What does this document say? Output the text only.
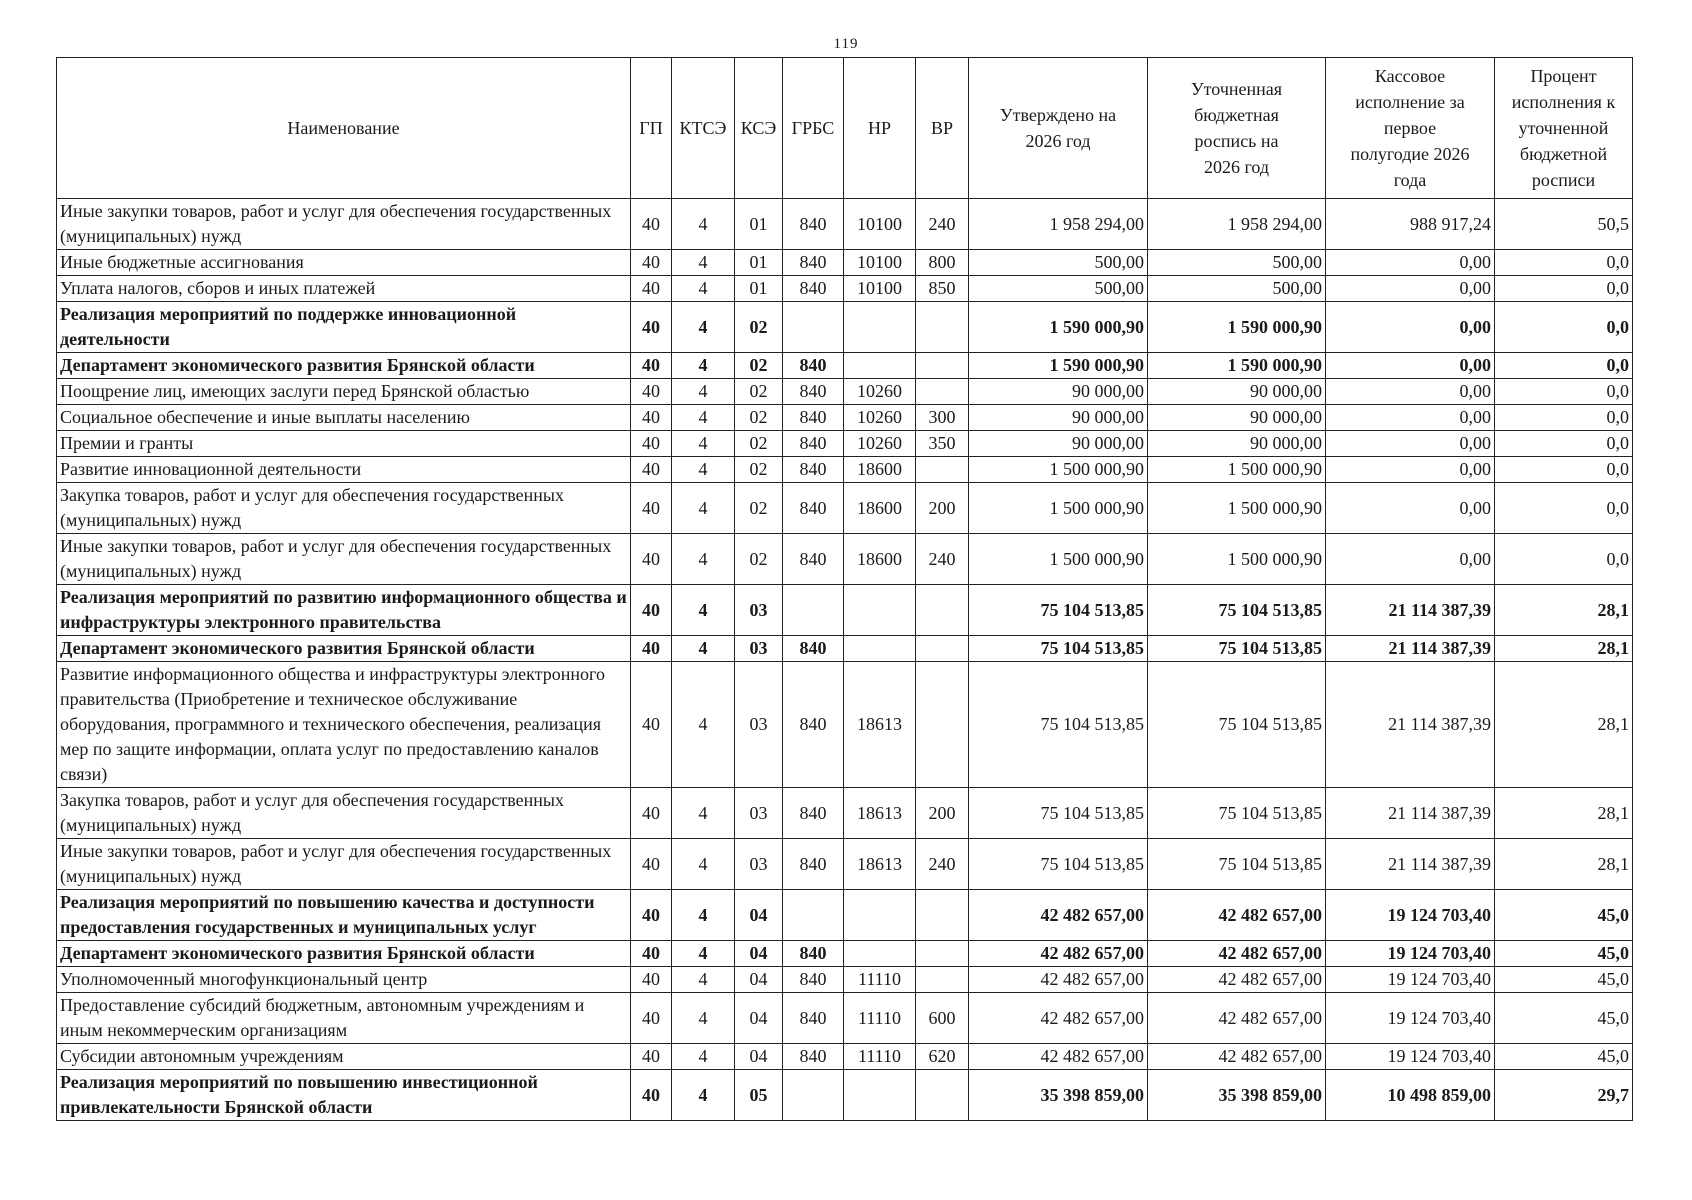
119
Наименование	ГП	КТСЭ	КСЭ	ГРБС	НР	ВР	Утверждено на 2026 год	Уточненная бюджетная роспись на 2026 год	Кассовое исполнение за первое полугодие 2026 года	Процент исполнения к уточненной бюджетной росписи
Иные закупки товаров, работ и услуг для обеспечения государственных (муниципальных) нужд	40	4	01	840	10100	240	1 958 294,00	1 958 294,00	988 917,24	50,5
Иные бюджетные ассигнования	40	4	01	840	10100	800	500,00	500,00	0,00	0,0
Уплата налогов, сборов и иных платежей	40	4	01	840	10100	850	500,00	500,00	0,00	0,0
Реализация мероприятий по поддержке инновационной деятельности	40	4	02				1 590 000,90	1 590 000,90	0,00	0,0
Департамент экономического развития Брянской области	40	4	02	840			1 590 000,90	1 590 000,90	0,00	0,0
Поощрение лиц, имеющих заслуги перед Брянской областью	40	4	02	840	10260		90 000,00	90 000,00	0,00	0,0
Социальное обеспечение и иные выплаты населению	40	4	02	840	10260	300	90 000,00	90 000,00	0,00	0,0
Премии и гранты	40	4	02	840	10260	350	90 000,00	90 000,00	0,00	0,0
Развитие инновационной деятельности	40	4	02	840	18600		1 500 000,90	1 500 000,90	0,00	0,0
Закупка товаров, работ и услуг для обеспечения государственных (муниципальных) нужд	40	4	02	840	18600	200	1 500 000,90	1 500 000,90	0,00	0,0
Иные закупки товаров, работ и услуг для обеспечения государственных (муниципальных) нужд	40	4	02	840	18600	240	1 500 000,90	1 500 000,90	0,00	0,0
Реализация мероприятий по развитию информационного общества и инфраструктуры электронного правительства	40	4	03				75 104 513,85	75 104 513,85	21 114 387,39	28,1
Департамент экономического развития Брянской области	40	4	03	840			75 104 513,85	75 104 513,85	21 114 387,39	28,1
Развитие информационного общества и инфраструктуры электронного правительства (Приобретение и техническое обслуживание оборудования, программного и технического обеспечения, реализация мер по защите информации, оплата услуг по предоставлению каналов связи)	40	4	03	840	18613		75 104 513,85	75 104 513,85	21 114 387,39	28,1
Закупка товаров, работ и услуг для обеспечения государственных (муниципальных) нужд	40	4	03	840	18613	200	75 104 513,85	75 104 513,85	21 114 387,39	28,1
Иные закупки товаров, работ и услуг для обеспечения государственных (муниципальных) нужд	40	4	03	840	18613	240	75 104 513,85	75 104 513,85	21 114 387,39	28,1
Реализация мероприятий по повышению качества и доступности предоставления государственных и муниципальных услуг	40	4	04				42 482 657,00	42 482 657,00	19 124 703,40	45,0
Департамент экономического развития Брянской области	40	4	04	840			42 482 657,00	42 482 657,00	19 124 703,40	45,0
Уполномоченный многофункциональный центр	40	4	04	840	11110		42 482 657,00	42 482 657,00	19 124 703,40	45,0
Предоставление субсидий бюджетным, автономным учреждениям и иным некоммерческим организациям	40	4	04	840	11110	600	42 482 657,00	42 482 657,00	19 124 703,40	45,0
Субсидии автономным учреждениям	40	4	04	840	11110	620	42 482 657,00	42 482 657,00	19 124 703,40	45,0
Реализация мероприятий по повышению инвестиционной привлекательности Брянской области	40	4	05				35 398 859,00	35 398 859,00	10 498 859,00	29,7
